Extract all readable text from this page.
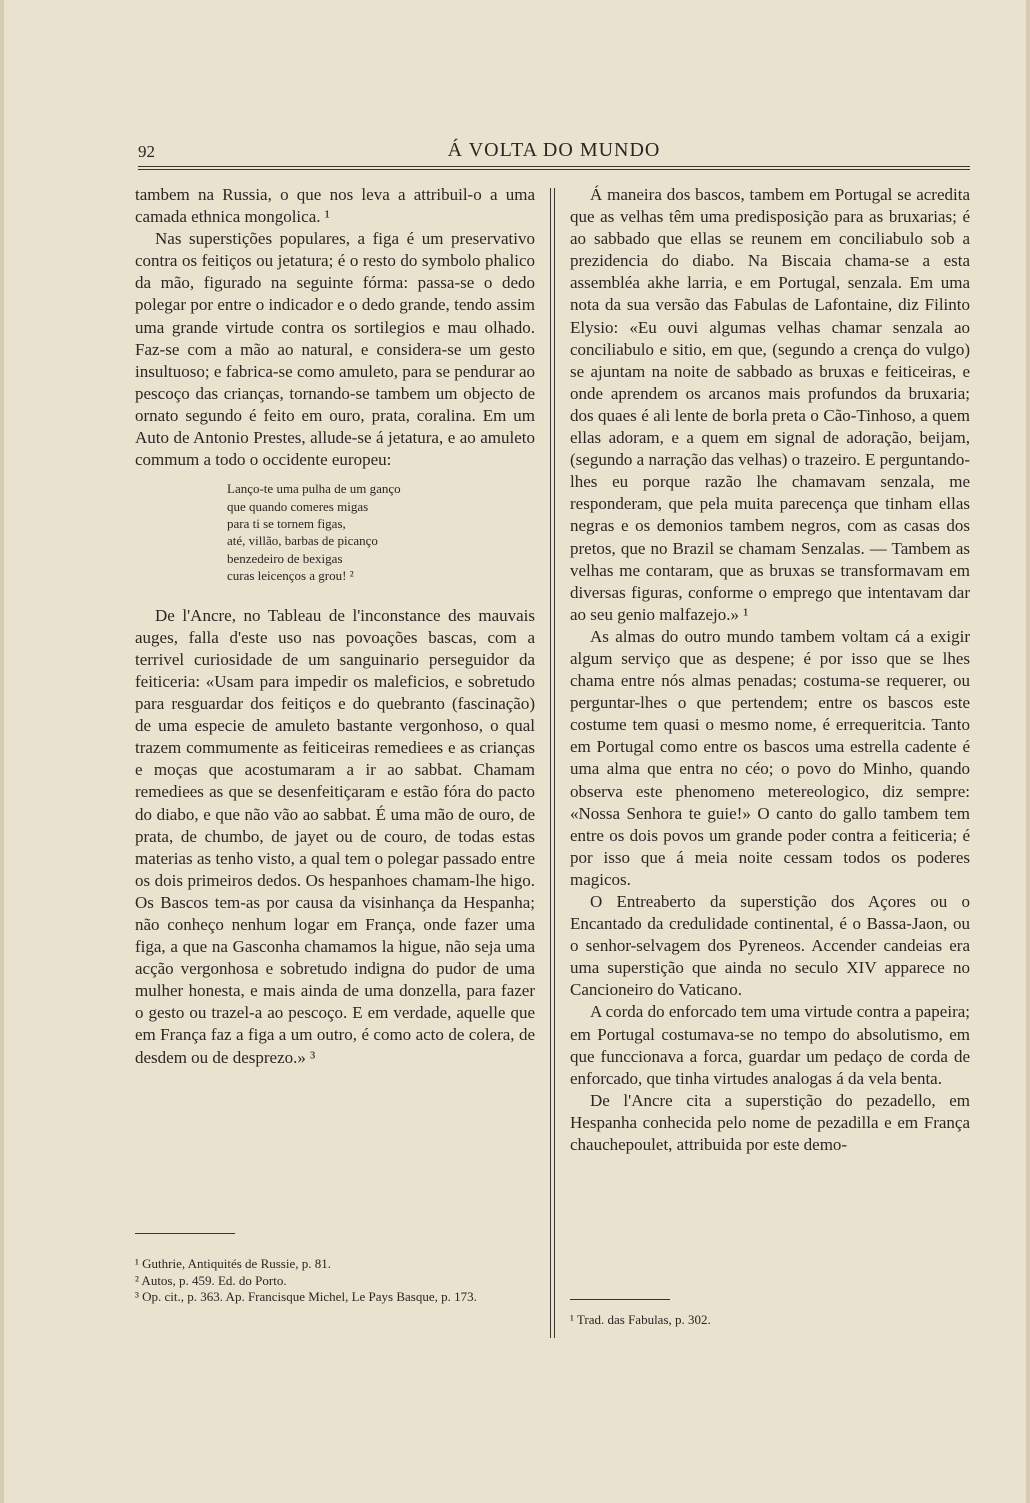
92	Á VOLTA DO MUNDO

tambem na Russia, o que nos leva a attribuil-o a uma camada ethnica mongolica. ¹

Nas superstições populares, a figa é um preservativo contra os feitiços ou jetatura; é o resto do symbolo phalico da mão, figurado na seguinte fórma: passa-se o dedo polegar por entre o indicador e o dedo grande, tendo assim uma grande virtude contra os sortilegios e mau olhado. Faz-se com a mão ao natural, e considera-se um gesto insultuoso; e fabrica-se como amuleto, para se pendurar ao pescoço das crianças, tornando-se tambem um objecto de ornato segundo é feito em ouro, prata, coralina. Em um Auto de Antonio Prestes, allude-se á jetatura, e ao amuleto commum a todo o occidente europeu:

Lanço-te uma pulha de um ganço
que quando comeres migas
para ti se tornem figas,
até, villão, barbas de picanço
benzedeiro de bexigas
curas leicenços a grou! ²

De l'Ancre, no Tableau de l'inconstance des mauvais auges, falla d'este uso nas povoações bascas, com a terrivel curiosidade de um sanguinario perseguidor da feiticeria: «Usam para impedir os maleficios, e sobretudo para resguardar dos feitiços e do quebranto (fascinação) de uma especie de amuleto bastante vergonhoso, o qual trazem commumente as feiticeiras remediees e as crianças e moças que acostumaram a ir ao sabbat. Chamam remediees as que se desenfeitiçaram e estão fóra do pacto do diabo, e que não vão ao sabbat. É uma mão de ouro, de prata, de chumbo, de jayet ou de couro, de todas estas materias as tenho visto, a qual tem o polegar passado entre os dois primeiros dedos. Os hespanhoes chamam-lhe higo. Os Bascos tem-as por causa da visinhança da Hespanha; não conheço nenhum logar em França, onde fazer uma figa, a que na Gasconha chamamos la higue, não seja uma acção vergonhosa e sobretudo indigna do pudor de uma mulher honesta, e mais ainda de uma donzella, para fazer o gesto ou trazel-a ao pescoço. E em verdade, aquelle que em França faz a figa a um outro, é como acto de colera, de desdem ou de desprezo.» ³

¹ Guthrie, Antiquités de Russie, p. 81.
² Autos, p. 459. Ed. do Porto.
³ Op. cit., p. 363. Ap. Francisque Michel, Le Pays Basque, p. 173.

Á maneira dos bascos, tambem em Portugal se acredita que as velhas têm uma predisposição para as bruxarias; é ao sabbado que ellas se reunem em conciliabulo sob a prezidencia do diabo. Na Biscaia chama-se a esta assembléa akhe larria, e em Portugal, senzala. Em uma nota da sua versão das Fabulas de Lafontaine, diz Filinto Elysio: «Eu ouvi algumas velhas chamar senzala ao conciliabulo e sitio, em que, (segundo a crença do vulgo) se ajuntam na noite de sabbado as bruxas e feiticeiras, e onde aprendem os arcanos mais profundos da bruxaria; dos quaes é ali lente de borla preta o Cão-Tinhoso, a quem ellas adoram, e a quem em signal de adoração, beijam, (segundo a narração das velhas) o trazeiro. E perguntando-lhes eu porque razão lhe chamavam senzala, me responderam, que pela muita parecença que tinham ellas negras e os demonios tambem negros, com as casas dos pretos, que no Brazil se chamam Senzalas. — Tambem as velhas me contaram, que as bruxas se transformavam em diversas figuras, conforme o emprego que intentavam dar ao seu genio malfazejo.» ¹

As almas do outro mundo tambem voltam cá a exigir algum serviço que as despene; é por isso que se lhes chama entre nós almas penadas; costuma-se requerer, ou perguntar-lhes o que pertendem; entre os bascos este costume tem quasi o mesmo nome, é errequeritcia. Tanto em Portugal como entre os bascos uma estrella cadente é uma alma que entra no céo; o povo do Minho, quando observa este phenomeno metereologico, diz sempre: «Nossa Senhora te guie!» O canto do gallo tambem tem entre os dois povos um grande poder contra a feiticeria; é por isso que á meia noite cessam todos os poderes magicos.

O Entreaberto da superstição dos Açores ou o Encantado da credulidade continental, é o Bassa-Jaon, ou o senhor-selvagem dos Pyreneos. Accender candeias era uma superstição que ainda no seculo XIV apparece no Cancioneiro do Vaticano.

A corda do enforcado tem uma virtude contra a papeira; em Portugal costumava-se no tempo do absolutismo, em que funccionava a forca, guardar um pedaço de corda de enforcado, que tinha virtudes analogas á da vela benta.

De l'Ancre cita a superstição do pezadello, em Hespanha conhecida pelo nome de pezadilla e em França chauchepoulet, attribuida por este demo-

¹ Trad. das Fabulas, p. 302.
